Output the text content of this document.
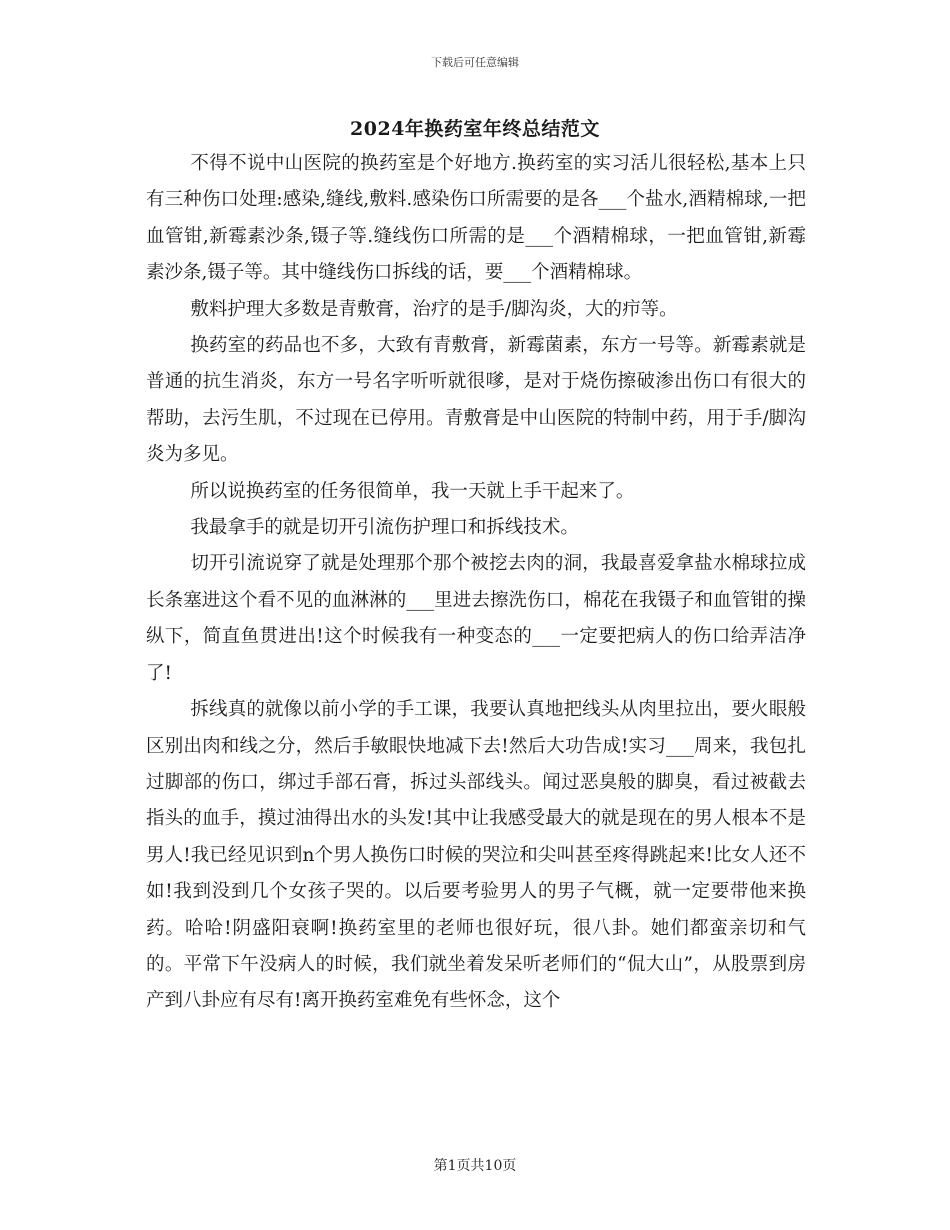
下载后可任意编辑
2024年换药室年终总结范文

不得不说中山医院的换药室是个好地方.换药室的实习活儿很轻松,基本上只有三种伤口处理:感染,缝线,敷料.感染伤口所需要的是各___个盐水,酒精棉球,一把血管钳,新霉素沙条,镊子等.缝线伤口所需的是___个酒精棉球，一把血管钳,新霉素沙条,镊子等。其中缝线伤口拆线的话，要___个酒精棉球。

敷料护理大多数是青敷膏，治疗的是手/脚沟炎，大的疖等。

换药室的药品也不多，大致有青敷膏，新霉菌素，东方一号等。新霉素就是普通的抗生消炎，东方一号名字听听就很嗲，是对于烧伤擦破渗出伤口有很大的帮助，去污生肌，不过现在已停用。青敷膏是中山医院的特制中药，用于手/脚沟炎为多见。

所以说换药室的任务很简单，我一天就上手干起来了。

我最拿手的就是切开引流伤护理口和拆线技术。

切开引流说穿了就是处理那个那个被挖去肉的洞，我最喜爱拿盐水棉球拉成长条塞进这个看不见的血淋淋的___里进去擦洗伤口，棉花在我镊子和血管钳的操纵下，简直鱼贯进出!这个时候我有一种变态的___一定要把病人的伤口给弄洁净了!

拆线真的就像以前小学的手工课，我要认真地把线头从肉里拉出，要火眼般区别出肉和线之分，然后手敏眼快地减下去!然后大功告成!实习___周来，我包扎过脚部的伤口，绑过手部石膏，拆过头部线头。闻过恶臭般的脚臭，看过被截去指头的血手，摸过油得出水的头发!其中让我感受最大的就是现在的男人根本不是男人!我已经见识到n个男人换伤口时候的哭泣和尖叫甚至疼得跳起来!比女人还不如!我到没到几个女孩子哭的。以后要考验男人的男子气概，就一定要带他来换药。哈哈!阴盛阳衰啊!换药室里的老师也很好玩，很八卦。她们都蛮亲切和气的。平常下午没病人的时候，我们就坐着发呆听老师们的“侃大山”，从股票到房产到八卦应有尽有!离开换药室难免有些怀念，这个

第1页共10页
